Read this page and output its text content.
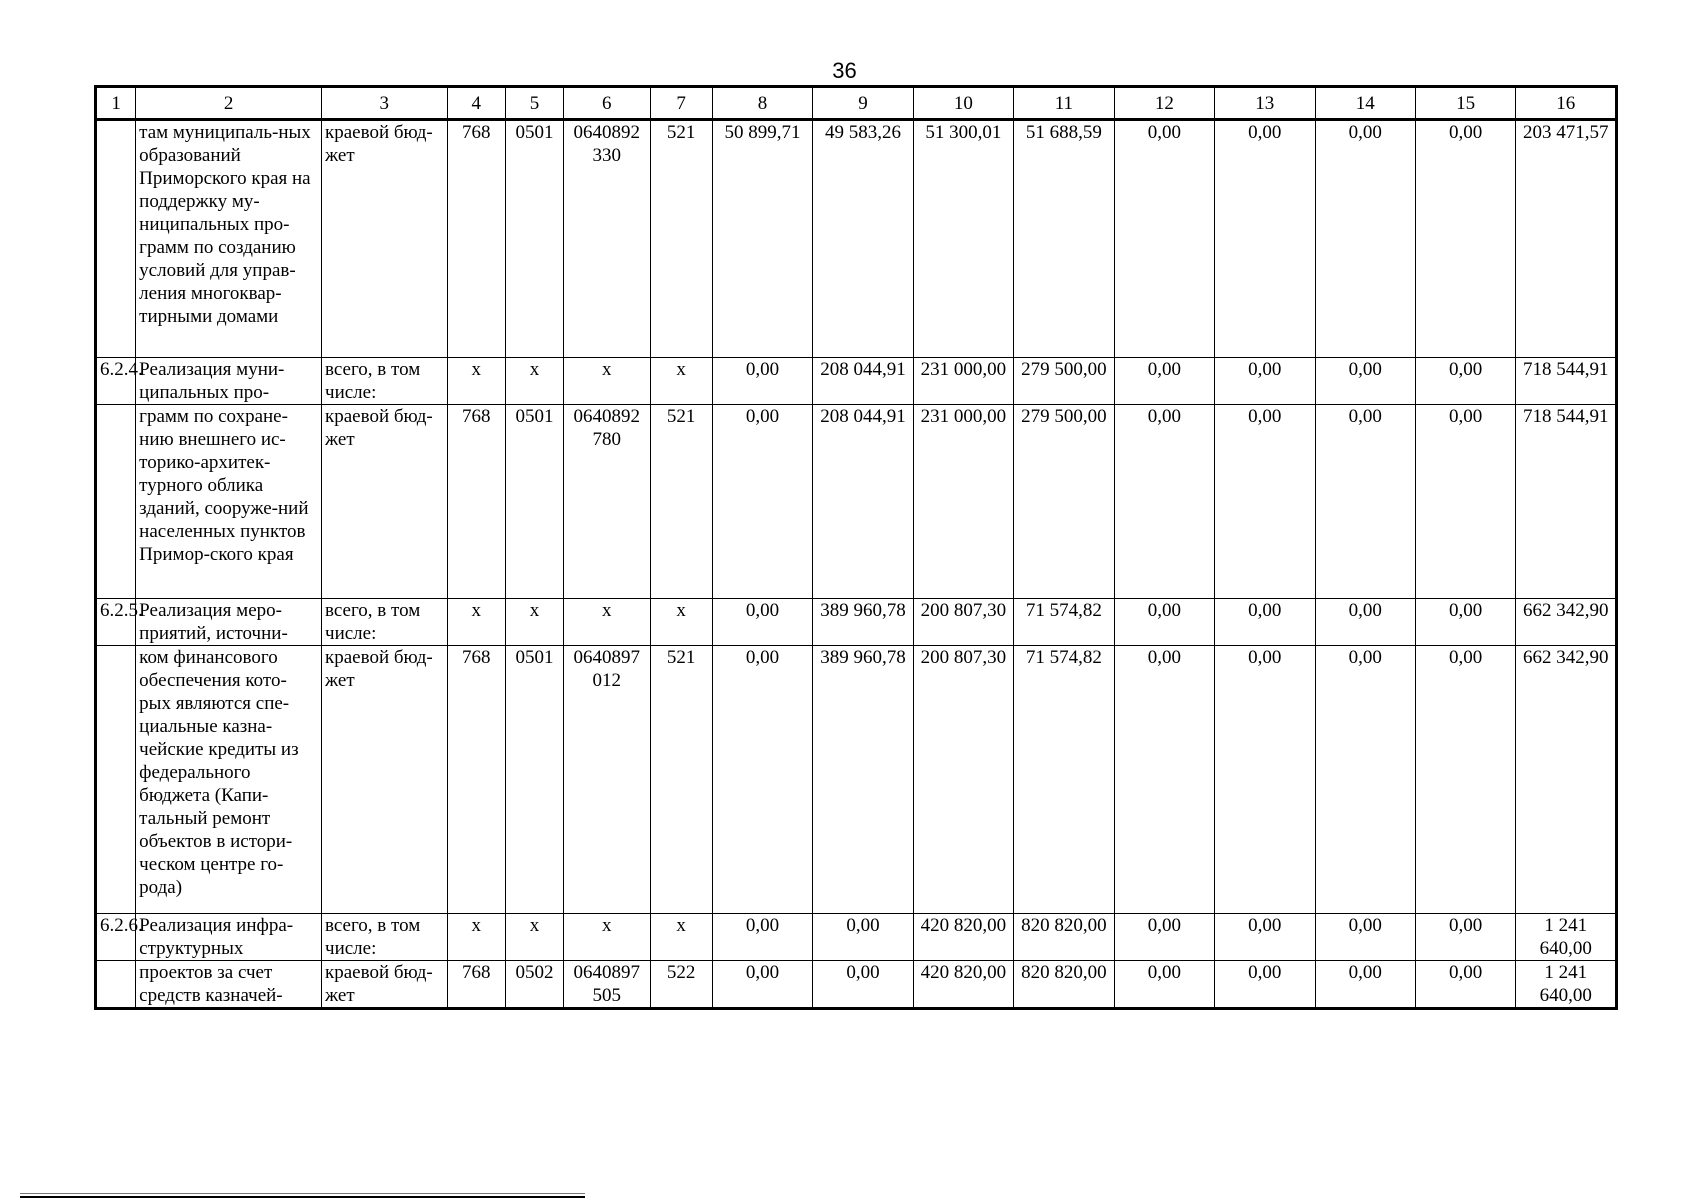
36
1	2	3	4	5	6	7	8	9	10	11	12	13	14	15	16
	там муниципаль-ных образований Приморского края на поддержку му-ниципальных про-грамм по созданию условий для управ-ления многоквар-тирными домами	краевой бюд-жет	768	0501	0640892 330	521	50 899,71	49 583,26	51 300,01	51 688,59	0,00	0,00	0,00	0,00	203 471,57
6.2.4.	Реализация муни-ципальных про-	всего, в том числе:	x	x	x	x	0,00	208 044,91	231 000,00	279 500,00	0,00	0,00	0,00	0,00	718 544,91
	грамм по сохране-нию внешнего ис-торико-архитек-турного облика зданий, сооруже-ний населенных пунктов Примор-ского края	краевой бюд-жет	768	0501	0640892 780	521	0,00	208 044,91	231 000,00	279 500,00	0,00	0,00	0,00	0,00	718 544,91
6.2.5.	Реализация меро-приятий, источни-	всего, в том числе:	x	x	x	x	0,00	389 960,78	200 807,30	71 574,82	0,00	0,00	0,00	0,00	662 342,90
	ком финансового обеспечения кото-рых являются спе-циальные казна-чейские кредиты из федерального бюджета (Капи-тальный ремонт объектов в истори-ческом центре го-рода)	краевой бюд-жет	768	0501	0640897 012	521	0,00	389 960,78	200 807,30	71 574,82	0,00	0,00	0,00	0,00	662 342,90
6.2.6.	Реализация инфра-структурных	всего, в том числе:	x	x	x	x	0,00	0,00	420 820,00	820 820,00	0,00	0,00	0,00	0,00	1 241 640,00
	проектов за счет средств казначей-	краевой бюд-жет	768	0502	0640897 505	522	0,00	0,00	420 820,00	820 820,00	0,00	0,00	0,00	0,00	1 241 640,00
